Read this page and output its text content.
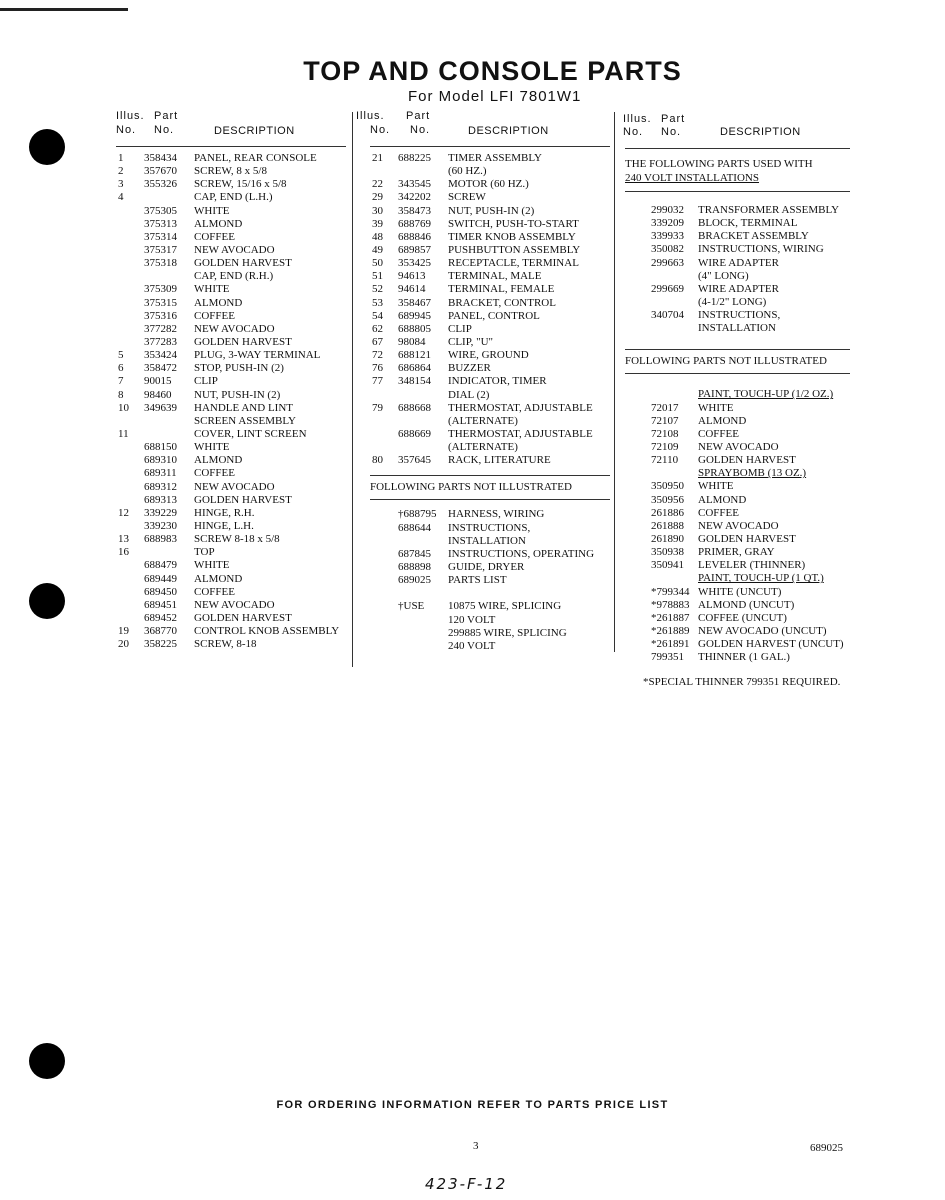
TOP AND CONSOLE PARTS
For Model LFI 7801W1
Illus.
No.
Part
No.	DESCRIPTION
1 358434 PANEL, REAR CONSOLE
2 357670 SCREW, 8 x 5/8
3 355326 SCREW, 15/16 x 5/8
4	CAP, END (L.H.)
375305 WHITE
375313 ALMOND
375314 COFFEE
375317 NEW AVOCADO
375318 GOLDEN HARVEST
CAP, END (R.H.)
375309 WHITE
375315 ALMOND
375316 COFFEE
377282 NEW AVOCADO
377283 GOLDEN HARVEST
5 353424 PLUG, 3-WAY TERMINAL
6 358472 STOP, PUSH-IN (2)
7 90015 CLIP
8 98460 NUT, PUSH-IN (2)
10 349639 HANDLE AND LINT
SCREEN ASSEMBLY
11	COVER, LINT SCREEN
688150 WHITE
689310 ALMOND
689311 COFFEE
689312 NEW AVOCADO
689313 GOLDEN HARVEST
12 339229 HINGE, R.H.
339230 HINGE, L.H.
13 688983 SCREW 8-18 x 5/8
16	TOP
688479 WHITE
689449 ALMOND
689450 COFFEE
689451 NEW AVOCADO
689452 GOLDEN HARVEST
19 368770 CONTROL KNOB ASSEMBLY
20 358225 SCREW, 8-18
Illus.
No.
Part
No.	DESCRIPTION
21 688225 TIMER ASSEMBLY
(60 HZ.)
22 343545 MOTOR (60 HZ.)
29 342202 SCREW
30 358473 NUT, PUSH-IN (2)
39 688769 SWITCH, PUSH-TO-START
48 688846 TIMER KNOB ASSEMBLY
49 689857 PUSHBUTTON ASSEMBLY
50 353425 RECEPTACLE, TERMINAL
51 94613 TERMINAL, MALE
52 94614 TERMINAL, FEMALE
53 358467 BRACKET, CONTROL
54 689945 PANEL, CONTROL
62 688805 CLIP
67 98084 CLIP, "U"
72 688121 WIRE, GROUND
76 686864 BUZZER
77 348154 INDICATOR, TIMER
DIAL (2)
79 688668 THERMOSTAT, ADJUSTABLE
(ALTERNATE)
688669 THERMOSTAT, ADJUSTABLE
(ALTERNATE)
80 357645 RACK, LITERATURE
FOLLOWING PARTS NOT ILLUSTRATED
†688795 HARNESS, WIRING
688644 INSTRUCTIONS,
INSTALLATION
687845 INSTRUCTIONS, OPERATING
688898 GUIDE, DRYER
689025 PARTS LIST
†USE 10875 WIRE, SPLICING
120 VOLT
299885 WIRE, SPLICING
240 VOLT
Illus.
No.
Part
No.	DESCRIPTION
THE FOLLOWING PARTS USED WITH
240 VOLT INSTALLATIONS
299032 TRANSFORMER ASSEMBLY
339209 BLOCK, TERMINAL
339933 BRACKET ASSEMBLY
350082 INSTRUCTIONS, WIRING
299663 WIRE ADAPTER
(4" LONG)
299669 WIRE ADAPTER
(4-1/2" LONG)
340704 INSTRUCTIONS,
INSTALLATION
FOLLOWING PARTS NOT ILLUSTRATED
PAINT, TOUCH-UP (1/2 OZ.)
72017 WHITE
72107 ALMOND
72108 COFFEE
72109 NEW AVOCADO
72110 GOLDEN HARVEST
SPRAYBOMB (13 OZ.)
350950 WHITE
350956 ALMOND
261886 COFFEE
261888 NEW AVOCADO
261890 GOLDEN HARVEST
350938 PRIMER, GRAY
350941 LEVELER (THINNER)
PAINT, TOUCH-UP (1 QT.)
*799344 WHITE (UNCUT)
*978883 ALMOND (UNCUT)
*261887 COFFEE (UNCUT)
*261889 NEW AVOCADO (UNCUT)
*261891 GOLDEN HARVEST (UNCUT)
799351 THINNER (1 GAL.)
*SPECIAL THINNER 799351 REQUIRED.
FOR ORDERING INFORMATION REFER TO PARTS PRICE LIST
3	689025
423-F-12
